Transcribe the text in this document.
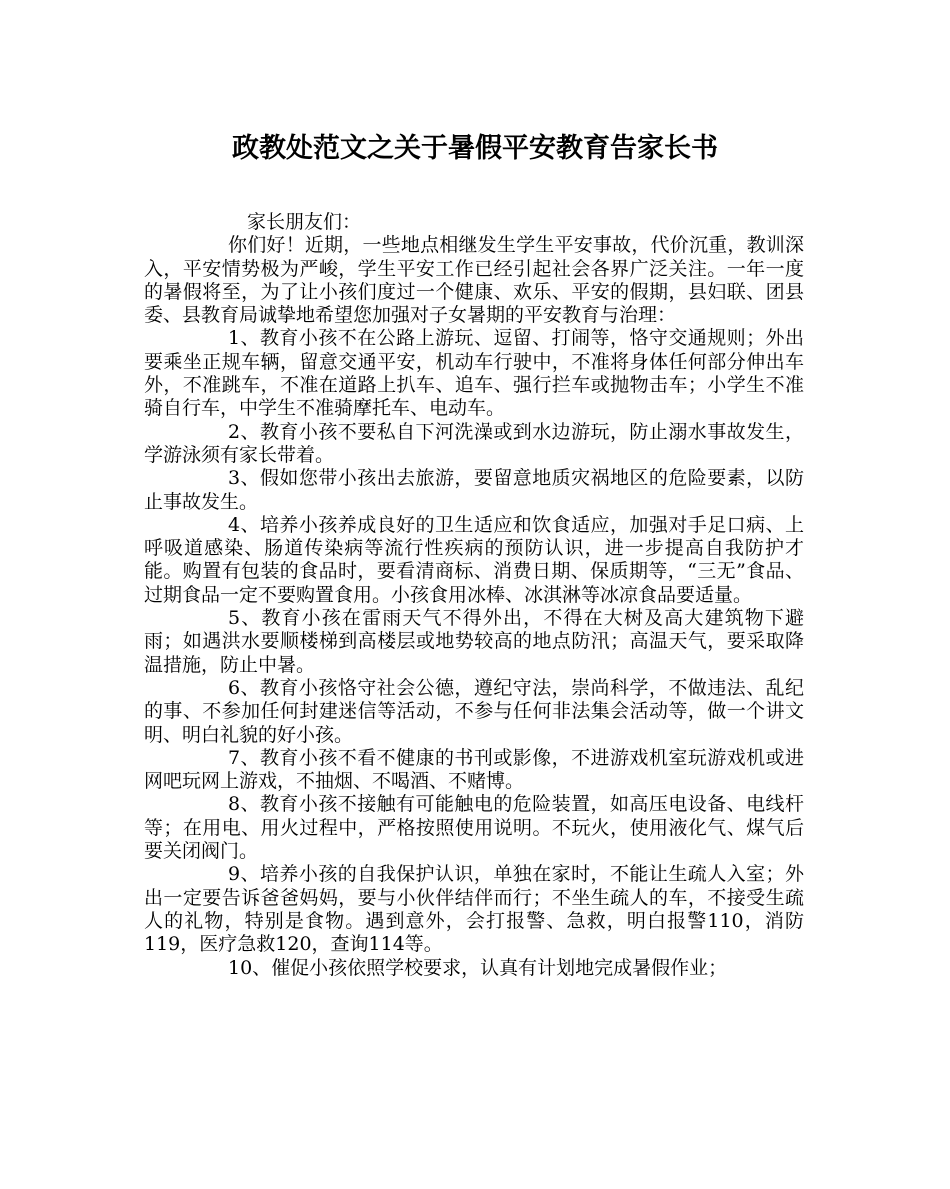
政教处范文之关于暑假平安教育告家长书

家长朋友们：

你们好！近期，一些地点相继发生学生平安事故，代价沉重，教训深入，平安情势极为严峻，学生平安工作已经引起社会各界广泛关注。一年一度的暑假将至，为了让小孩们度过一个健康、欢乐、平安的假期，县妇联、团县委、县教育局诚挚地希望您加强对子女暑期的平安教育与治理：

1、教育小孩不在公路上游玩、逗留、打闹等，恪守交通规则；外出要乘坐正规车辆，留意交通平安，机动车行驶中，不准将身体任何部分伸出车外，不准跳车，不准在道路上扒车、追车、强行拦车或抛物击车；小学生不准骑自行车，中学生不准骑摩托车、电动车。

2、教育小孩不要私自下河洗澡或到水边游玩，防止溺水事故发生，学游泳须有家长带着。

3、假如您带小孩出去旅游，要留意地质灾祸地区的危险要素，以防止事故发生。

4、培养小孩养成良好的卫生适应和饮食适应，加强对手足口病、上呼吸道感染、肠道传染病等流行性疾病的预防认识，进一步提高自我防护才能。购置有包装的食品时，要看清商标、消费日期、保质期等，“三无”食品、过期食品一定不要购置食用。小孩食用冰棒、冰淇淋等冰凉食品要适量。

5、教育小孩在雷雨天气不得外出，不得在大树及高大建筑物下避雨；如遇洪水要顺楼梯到高楼层或地势较高的地点防汛；高温天气，要采取降温措施，防止中暑。

6、教育小孩恪守社会公德，遵纪守法，崇尚科学，不做违法、乱纪的事、不参加任何封建迷信等活动，不参与任何非法集会活动等，做一个讲文明、明白礼貌的好小孩。

7、教育小孩不看不健康的书刊或影像，不进游戏机室玩游戏机或进网吧玩网上游戏，不抽烟、不喝酒、不赌博。

8、教育小孩不接触有可能触电的危险装置，如高压电设备、电线杆等；在用电、用火过程中，严格按照使用说明。不玩火，使用液化气、煤气后要关闭阀门。

9、培养小孩的自我保护认识，单独在家时，不能让生疏人入室；外出一定要告诉爸爸妈妈，要与小伙伴结伴而行；不坐生疏人的车，不接受生疏人的礼物，特别是食物。遇到意外，会打报警、急救，明白报警110，消防119，医疗急救120，查询114等。

10、催促小孩依照学校要求，认真有计划地完成暑假作业；
